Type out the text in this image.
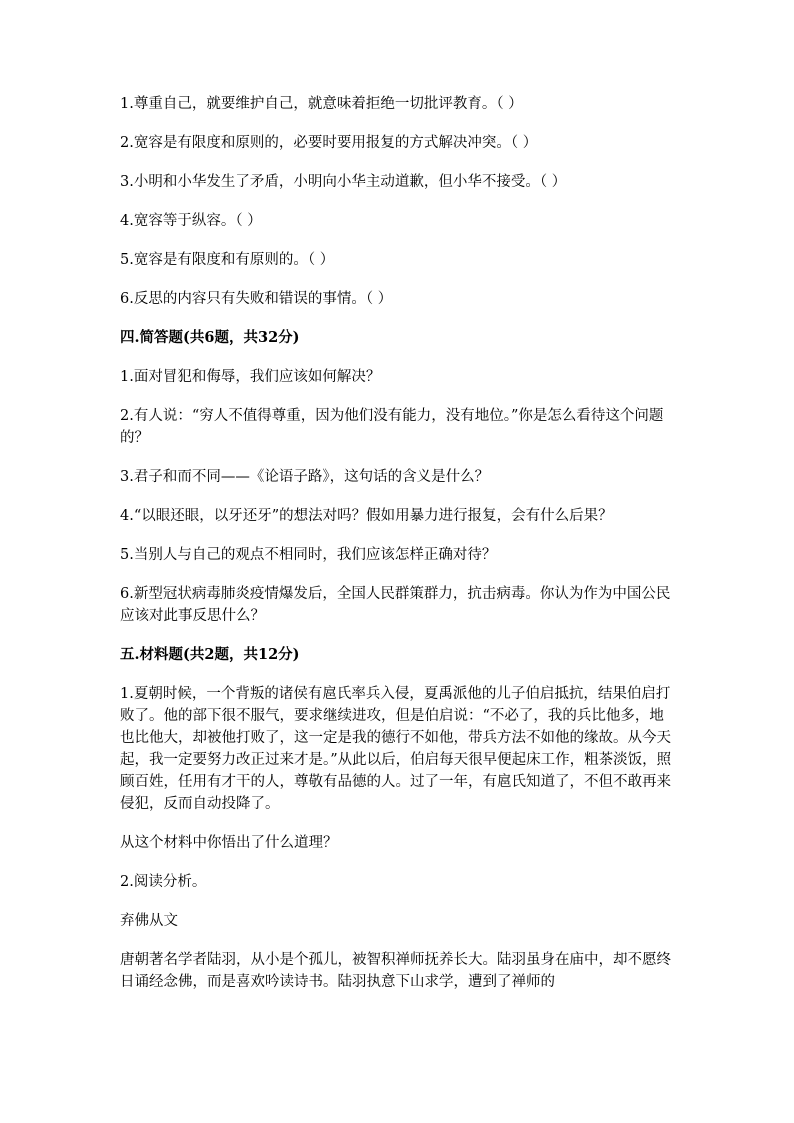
1.尊重自己，就要维护自己，就意味着拒绝一切批评教育。（ ）
2.宽容是有限度和原则的，必要时要用报复的方式解决冲突。（ ）
3.小明和小华发生了矛盾，小明向小华主动道歉，但小华不接受。（ ）
4.宽容等于纵容。（ ）
5.宽容是有限度和有原则的。（ ）
6.反思的内容只有失败和错误的事情。（ ）
四.简答题(共6题，共32分)
1.面对冒犯和侮辱，我们应该如何解决？
2.有人说：“穷人不值得尊重，因为他们没有能力，没有地位。”你是怎么看待这个问题的？
3.君子和而不同——《论语子路》，这句话的含义是什么？
4.“以眼还眼，以牙还牙”的想法对吗？假如用暴力进行报复，会有什么后果？
5.当别人与自己的观点不相同时，我们应该怎样正确对待？
6.新型冠状病毒肺炎疫情爆发后，全国人民群策群力，抗击病毒。你认为作为中国公民应该对此事反思什么？
五.材料题(共2题，共12分)
1.夏朝时候，一个背叛的诸侯有扈氏率兵入侵，夏禹派他的儿子伯启抵抗，结果伯启打败了。他的部下很不服气，要求继续进攻，但是伯启说：“不必了，我的兵比他多，地也比他大，却被他打败了，这一定是我的德行不如他，带兵方法不如他的缘故。从今天起，我一定要努力改正过来才是。”从此以后，伯启每天很早便起床工作，粗茶淡饭，照顾百姓，任用有才干的人，尊敬有品德的人。过了一年，有扈氏知道了，不但不敢再来侵犯，反而自动投降了。
从这个材料中你悟出了什么道理？
2.阅读分析。
弃佛从文
唐朝著名学者陆羽，从小是个孤儿，被智积禅师抚养长大。陆羽虽身在庙中，却不愿终日诵经念佛，而是喜欢吟读诗书。陆羽执意下山求学，遭到了禅师的
